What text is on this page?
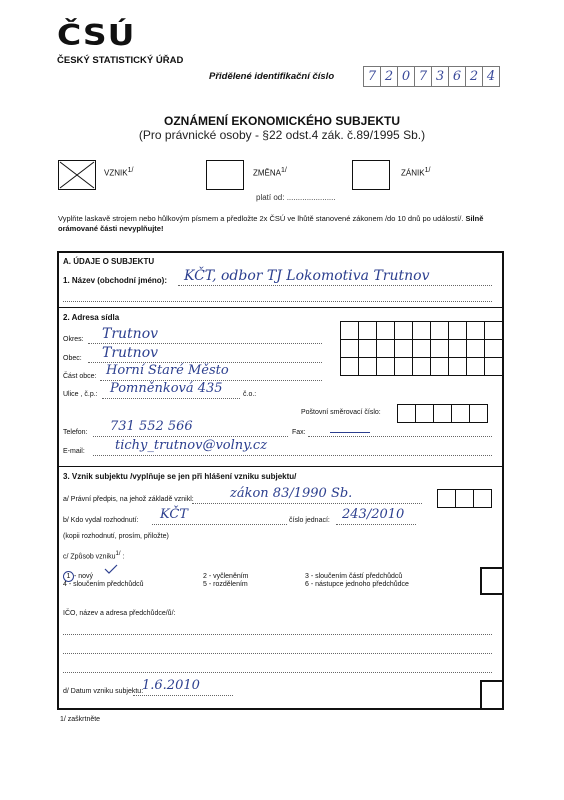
ČSÚ
ČESKÝ STATISTICKÝ ÚŘAD
Přidělené identifikační číslo	7 2 0 7 3 6 2 4
OZNÁMENÍ EKONOMICKÉHO SUBJEKTU
(Pro právnické osoby - §22 odst.4 zák. č.89/1995 Sb.)
$VZNIK^{1/}$	$ZMĚNA^{1/}$
platí od: ......................
$ZÁNIK^{1/}$
Vyplňte laskavě strojem nebo hůlkovým písmem a předložte 2x ČSÚ ve lhůtě stanovené zákonem /do 10 dnů po událostí/. Silně orámované části nevyplňujte!
A. ÚDAJE O SUBJEKTU
1. Název (obchodní jméno): KČT, odbor TJ Lokomotiva Trutnov
2. Adresa sídla
Okres: Trutnov
Obec: Trutnov
Část obce: Horní Staré Město
Ulice , č.p.: Pomněnková 435	č.o.:
Poštovní směrovací číslo:
Telefon: 731 552 566	Fax:
E-mail: tichy_trutnov@volny.cz
3. Vznik subjektu /vyplňuje se jen při hlášení vzniku subjektu/
a/ Právní předpis, na jehož základě vznikl:	zákon 83/1990 Sb.
b/ Kdo vydal rozhodnutí: KČT	číslo jednací: 243/2010
(kopii rozhodnutí, prosím, přiložte)
c/ Způsob vzniku$^{1/}$ :
1 - nový
4 - sloučením předchůdců
2 - vyčleněním
5 - rozdělením
3 - sloučením částí předchůdců
6 - nástupce jednoho předchůdce
IČO, název a adresa předchůdce/ů/:
d/ Datum vzniku subjektu:
1.6.2010
1/ zaškrtněte
